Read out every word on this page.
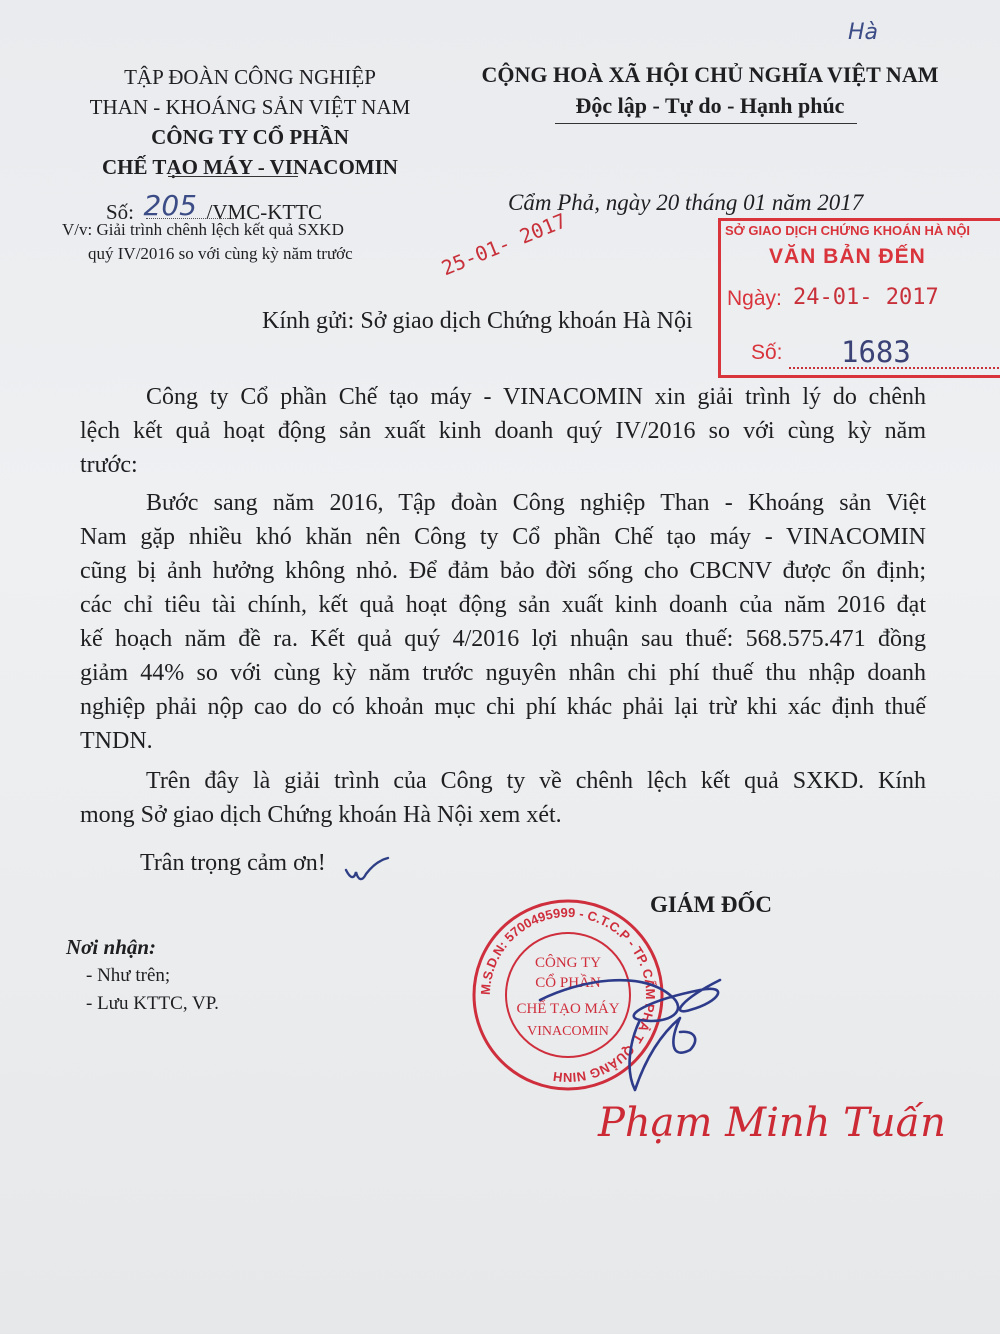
TẬP ĐOÀN CÔNG NGHIỆP
THAN - KHOÁNG SẢN VIỆT NAM
CÔNG TY CỔ PHẦN
CHẾ TẠO MÁY - VINACOMIN
Số: 205 /VMC-KTTC
V/v: Giải trình chênh lệch kết quả SXKD
quý IV/2016 so với cùng kỳ năm trước
CỘNG HOÀ XÃ HỘI CHỦ NGHĨA VIỆT NAM
Độc lập - Tự do - Hạnh phúc
Hà
Cẩm Phả, ngày 20 tháng 01 năm 2017
SỞ GIAO DỊCH CHỨNG KHOÁN HÀ NỘI
VĂN BẢN ĐẾN
Ngày: 24-01- 2017
Số: 1683
25-01- 2017
Kính gửi: Sở giao dịch Chứng khoán Hà Nội
Công ty Cổ phần Chế tạo máy - VINACOMIN xin giải trình lý do chênh
lệch kết quả hoạt động sản xuất kinh doanh quý IV/2016 so với cùng kỳ năm
trước:
Bước sang năm 2016, Tập đoàn Công nghiệp Than - Khoáng sản Việt
Nam gặp nhiều khó khăn nên Công ty Cổ phần Chế tạo máy - VINACOMIN
cũng bị ảnh hưởng không nhỏ. Để đảm bảo đời sống cho CBCNV được ổn định;
các chỉ tiêu tài chính, kết quả hoạt động sản xuất kinh doanh của năm 2016 đạt
kế hoạch năm đề ra. Kết quả quý 4/2016 lợi nhuận sau thuế: 568.575.471 đồng
giảm 44% so với cùng kỳ năm trước nguyên nhân chi phí thuế thu nhập doanh
nghiệp phải nộp cao do có khoản mục chi phí khác phải lại trừ khi xác định thuế
TNDN.
Trên đây là giải trình của Công ty về chênh lệch kết quả SXKD. Kính
mong Sở giao dịch Chứng khoán Hà Nội xem xét.
Trân trọng cảm ơn!
GIÁM ĐỐC
Nơi nhận:
- Như trên;
- Lưu KTTC, VP.
M.S.D.N: 5700495999 - C.T.C.P - TP. CẨM PHẢ T. QUẢNG NINH
CÔNG TY
CỔ PHẦN
CHẾ TẠO MÁY
VINACOMIN
Phạm Minh Tuấn
